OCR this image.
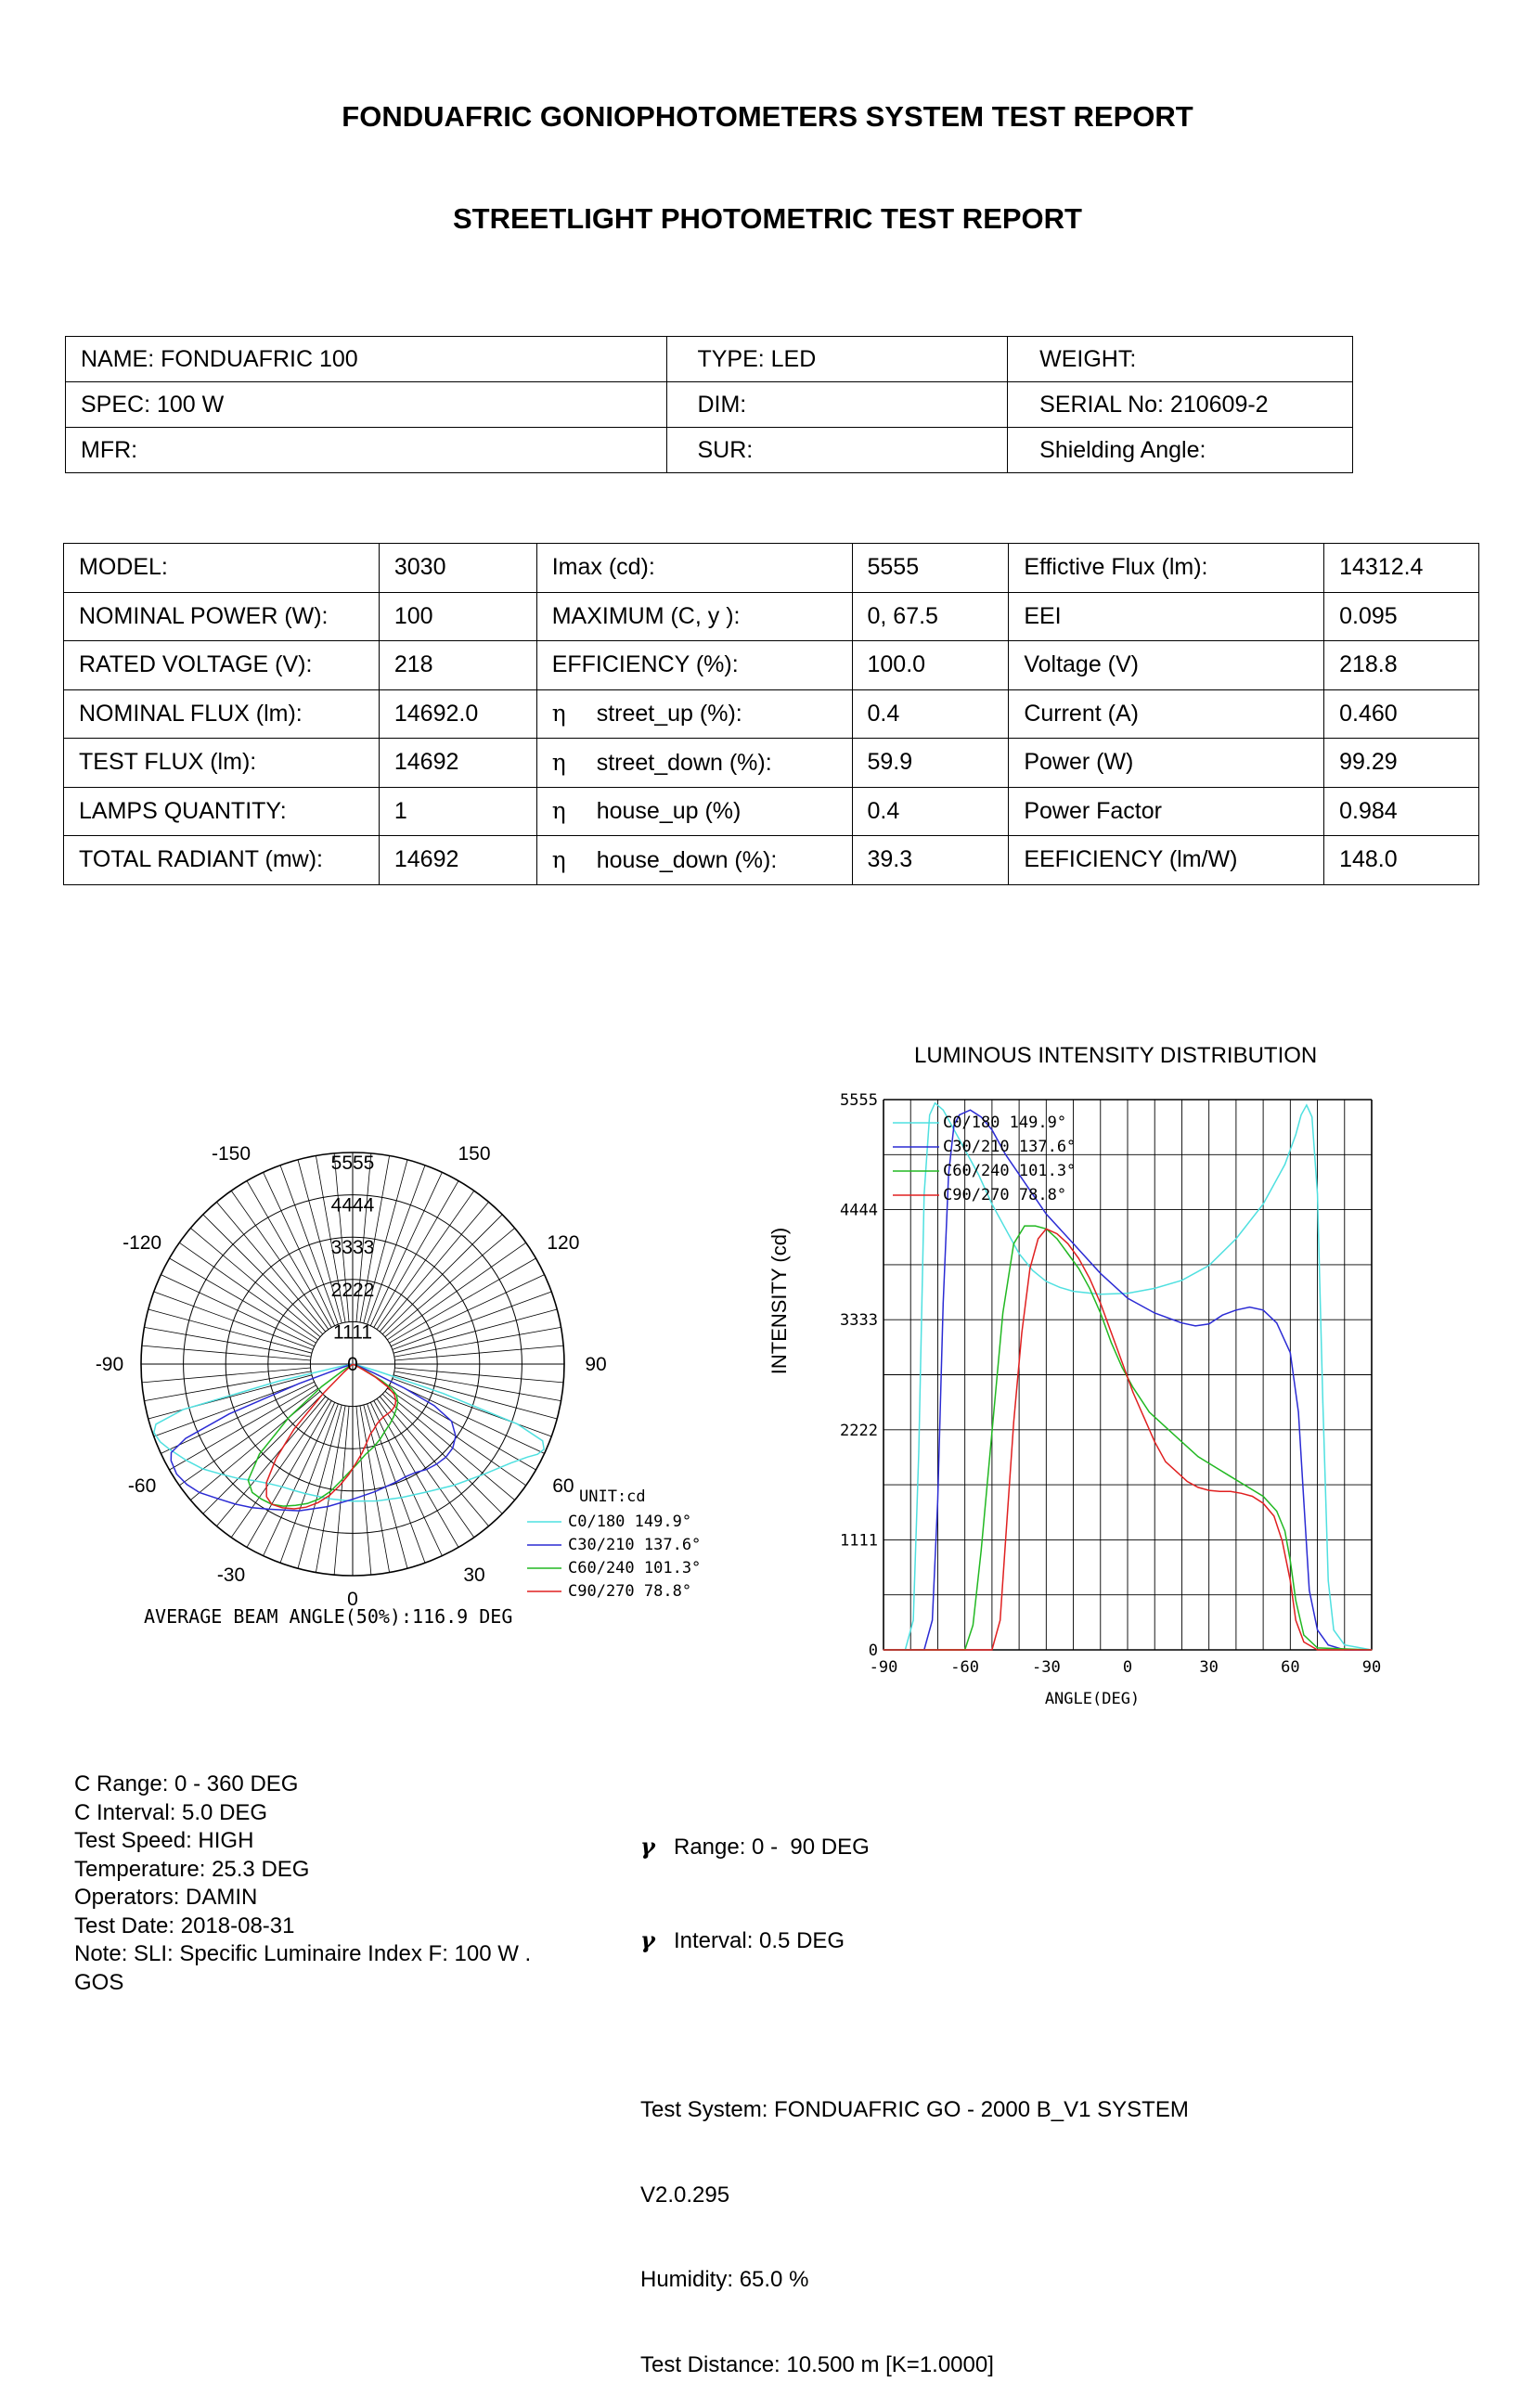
FONDUAFRIC GONIOPHOTOMETERS SYSTEM TEST REPORT
STREETLIGHT PHOTOMETRIC TEST REPORT
NAME: FONDUAFRIC 100	TYPE: LED	WEIGHT:
SPEC: 100 W	DIM:	SERIAL No: 210609-2
MFR:	SUR:	Shielding Angle:
MODEL:	3030	Imax (cd):	5555	Effictive Flux (lm):	14312.4
NOMINAL POWER (W):	100	MAXIMUM (C, y ):	0, 67.5	EEI	0.095
RATED VOLTAGE (V):	218	EFFICIENCY (%):	100.0	Voltage (V)	218.8
NOMINAL FLUX (lm):	14692.0	η street_up (%):	0.4	Current (A)	0.460
TEST FLUX (lm):	14692	η street_down (%):	59.9	Power (W)	99.29
LAMPS QUANTITY:	1	η house_up (%)	0.4	Power Factor	0.984
TOTAL RADIANT (mw):	14692	η house_down (%):	39.3	EEFICIENCY (lm/W)	148.0
5555
4444
3333
2222
1111
0
-150	150
-120	120
-90	90
-60	60
-30	30
0
UNIT:cd
C0/180 149.9°
C30/210 137.6°
C60/240 101.3°
C90/270 78.8°
AVERAGE BEAM ANGLE(50%):116.9 DEG
LUMINOUS INTENSITY DISTRIBUTION
-90	-60	-30	0	30	60	90
0
1111
2222
3333
4444
5555
C0/180 149.9°
C30/210 137.6°
C60/240 101.3°
C90/270 78.8°
INTENSITY (cd)
ANGLE(DEG)
C Range: 0 - 360 DEG
C Interval: 5.0 DEG
Test Speed: HIGH
Temperature: 25.3 DEG
Operators: DAMIN
Test Date: 2018-08-31
Note: SLI: Specific Luminaire Index F: 100 W .
GOS

γ Range: 0 -  90 DEG

γ Interval: 0.5 DEG

Test System: FONDUAFRIC GO - 2000 B_V1 SYSTEM

V2.0.295

Humidity: 65.0 %

Test Distance: 10.500 m [K=1.0000]
